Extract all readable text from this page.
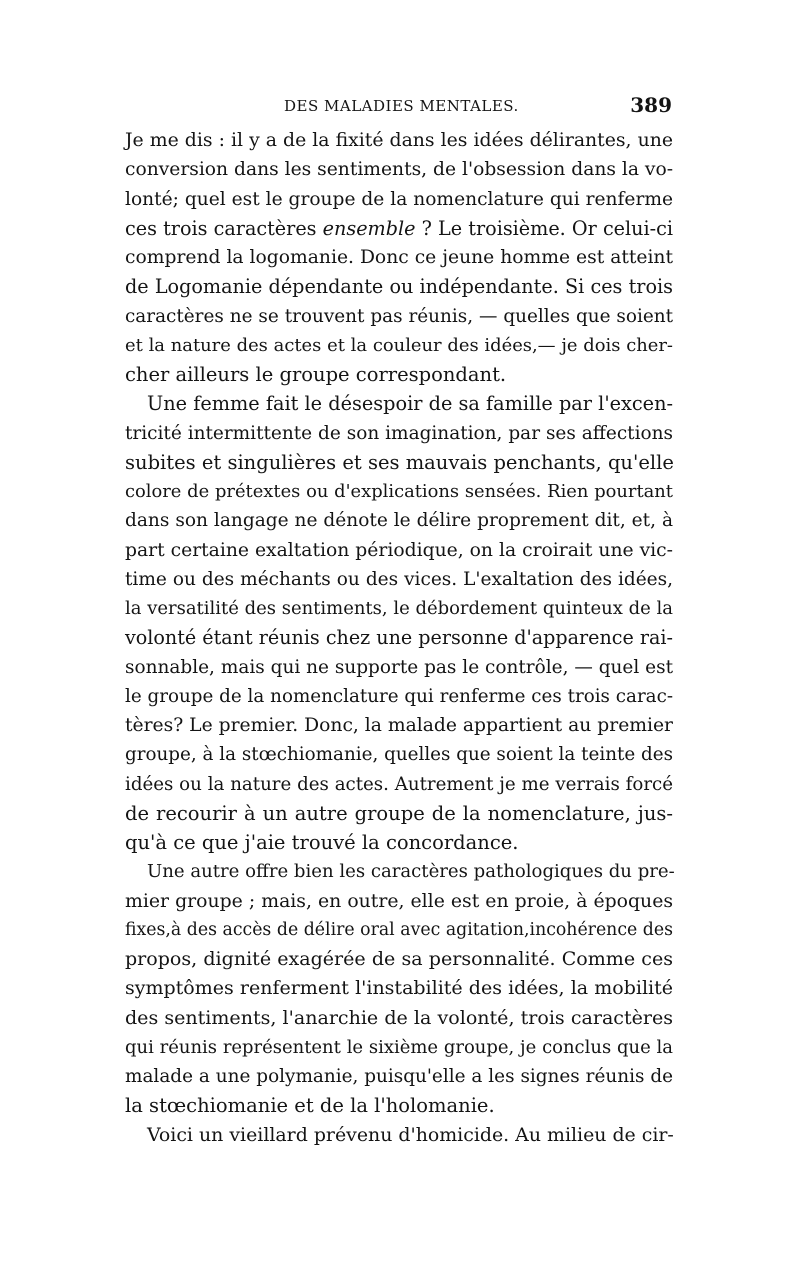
DES MALADIES MENTALES.	389
Je me dis : il y a de la fixité dans les idées délirantes, une
conversion dans les sentiments, de l'obsession dans la vo-
lonté; quel est le groupe de la nomenclature qui renferme
ces trois caractères ensemble ? Le troisième. Or celui-ci
comprend la logomanie. Donc ce jeune homme est atteint
de Logomanie dépendante ou indépendante. Si ces trois
caractères ne se trouvent pas réunis, — quelles que soient
et la nature des actes et la couleur des idées,— je dois cher-
cher ailleurs le groupe correspondant.
Une femme fait le désespoir de sa famille par l'excen-
tricité intermittente de son imagination, par ses affections
subites et singulières et ses mauvais penchants, qu'elle
colore de prétextes ou d'explications sensées. Rien pourtant
dans son langage ne dénote le délire proprement dit, et, à
part certaine exaltation périodique, on la croirait une vic-
time ou des méchants ou des vices. L'exaltation des idées,
la versatilité des sentiments, le débordement quinteux de la
volonté étant réunis chez une personne d'apparence rai-
sonnable, mais qui ne supporte pas le contrôle, — quel est
le groupe de la nomenclature qui renferme ces trois carac-
tères? Le premier. Donc, la malade appartient au premier
groupe, à la stœchiomanie, quelles que soient la teinte des
idées ou la nature des actes. Autrement je me verrais forcé
de recourir à un autre groupe de la nomenclature, jus-
qu'à ce que j'aie trouvé la concordance.
Une autre offre bien les caractères pathologiques du pre-
mier groupe ; mais, en outre, elle est en proie, à époques
fixes,à des accès de délire oral avec agitation,incohérence des
propos, dignité exagérée de sa personnalité. Comme ces
symptômes renferment l'instabilité des idées, la mobilité
des sentiments, l'anarchie de la volonté, trois caractères
qui réunis représentent le sixième groupe, je conclus que la
malade a une polymanie, puisqu'elle a les signes réunis de
la stœchiomanie et de la l'holomanie.
Voici un vieillard prévenu d'homicide. Au milieu de cir-
